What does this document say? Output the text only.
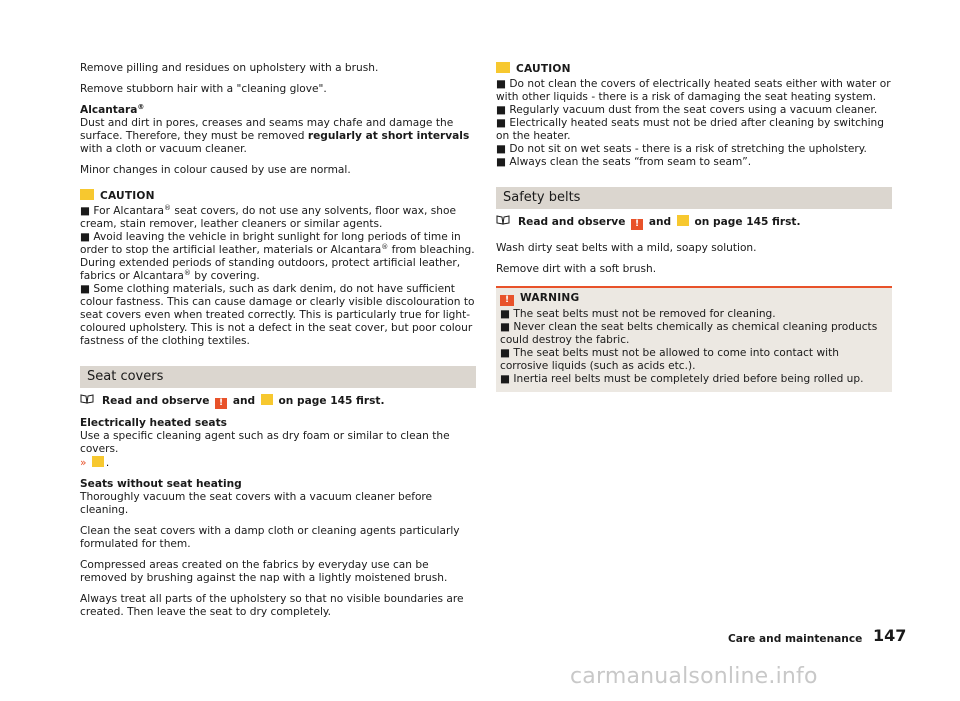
Remove pilling and residues on upholstery with a brush.

Remove stubborn hair with a "cleaning glove".

Alcantara®
Dust and dirt in pores, creases and seams may chafe and damage the surface. Therefore, they must be removed regularly at short intervals with a cloth or vacuum cleaner.

Minor changes in colour caused by use are normal.

CAUTION
■ For Alcantara® seat covers, do not use any solvents, floor wax, shoe cream, stain remover, leather cleaners or similar agents.
■ Avoid leaving the vehicle in bright sunlight for long periods of time in order to stop the artificial leather, materials or Alcantara® from bleaching. During extended periods of standing outdoors, protect artificial leather, fabrics or Alcantara® by covering.
■ Some clothing materials, such as dark denim, do not have sufficient colour fastness. This can cause damage or clearly visible discolouration to seat covers even when treated correctly. This is particularly true for light-coloured upholstery. This is not a defect in the seat cover, but poor colour fastness of the clothing textiles.
Seat covers
Read and observe ! and on page 145 first.

Electrically heated seats
Use a specific cleaning agent such as dry foam or similar to clean the covers.
» .

Seats without seat heating
Thoroughly vacuum the seat covers with a vacuum cleaner before cleaning.

Clean the seat covers with a damp cloth or cleaning agents particularly formulated for them.

Compressed areas created on the fabrics by everyday use can be removed by brushing against the nap with a lightly moistened brush.

Always treat all parts of the upholstery so that no visible boundaries are created. Then leave the seat to dry completely.

CAUTION
■ Do not clean the covers of electrically heated seats either with water or with other liquids - there is a risk of damaging the seat heating system.
■ Regularly vacuum dust from the seat covers using a vacuum cleaner.
■ Electrically heated seats must not be dried after cleaning by switching on the heater.
■ Do not sit on wet seats - there is a risk of stretching the upholstery.
■ Always clean the seats “from seam to seam”.
Safety belts
Read and observe ! and on page 145 first.

Wash dirty seat belts with a mild, soapy solution.

Remove dirt with a soft brush.

! WARNING
■ The seat belts must not be removed for cleaning.
■ Never clean the seat belts chemically as chemical cleaning products could destroy the fabric.
■ The seat belts must not be allowed to come into contact with corrosive liquids (such as acids etc.).
■ Inertia reel belts must be completely dried before being rolled up.
Care and maintenance 147
carmanualsonline.info
